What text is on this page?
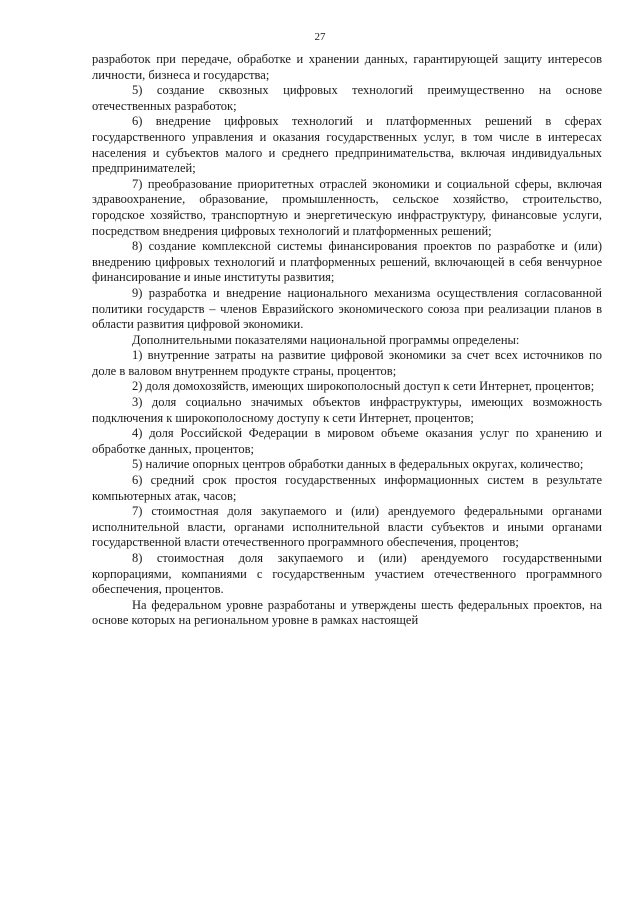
27

разработок при передаче, обработке и хранении данных, гарантирующей защиту интересов личности, бизнеса и государства;

5) создание сквозных цифровых технологий преимущественно на основе отечественных разработок;

6) внедрение цифровых технологий и платформенных решений в сферах государственного управления и оказания государственных услуг, в том числе в интересах населения и субъектов малого и среднего предпринимательства, включая индивидуальных предпринимателей;

7) преобразование приоритетных отраслей экономики и социальной сферы, включая здравоохранение, образование, промышленность, сельское хозяйство, строительство, городское хозяйство, транспортную и энергетическую инфраструктуру, финансовые услуги, посредством внедрения цифровых технологий и платформенных решений;

8) создание комплексной системы финансирования проектов по разработке и (или) внедрению цифровых технологий и платформенных решений, включающей в себя венчурное финансирование и иные институты развития;

9) разработка и внедрение национального механизма осуществления согласованной политики государств – членов Евразийского экономического союза при реализации планов в области развития цифровой экономики.

Дополнительными показателями национальной программы определены:

1) внутренние затраты на развитие цифровой экономики за счет всех источников по доле в валовом внутреннем продукте страны, процентов;

2) доля домохозяйств, имеющих широкополосный доступ к сети Интернет, процентов;

3) доля социально значимых объектов инфраструктуры, имеющих возможность подключения к широкополосному доступу к сети Интернет, процентов;

4) доля Российской Федерации в мировом объеме оказания услуг по хранению и обработке данных, процентов;

5) наличие опорных центров обработки данных в федеральных округах, количество;

6) средний срок простоя государственных информационных систем в результате компьютерных атак, часов;

7) стоимостная доля закупаемого и (или) арендуемого федеральными органами исполнительной власти, органами исполнительной власти субъектов и иными органами государственной власти отечественного программного обеспечения, процентов;

8) стоимостная доля закупаемого и (или) арендуемого государственными корпорациями, компаниями с государственным участием отечественного программного обеспечения, процентов.

На федеральном уровне разработаны и утверждены шесть федеральных проектов, на основе которых на региональном уровне в рамках настоящей
